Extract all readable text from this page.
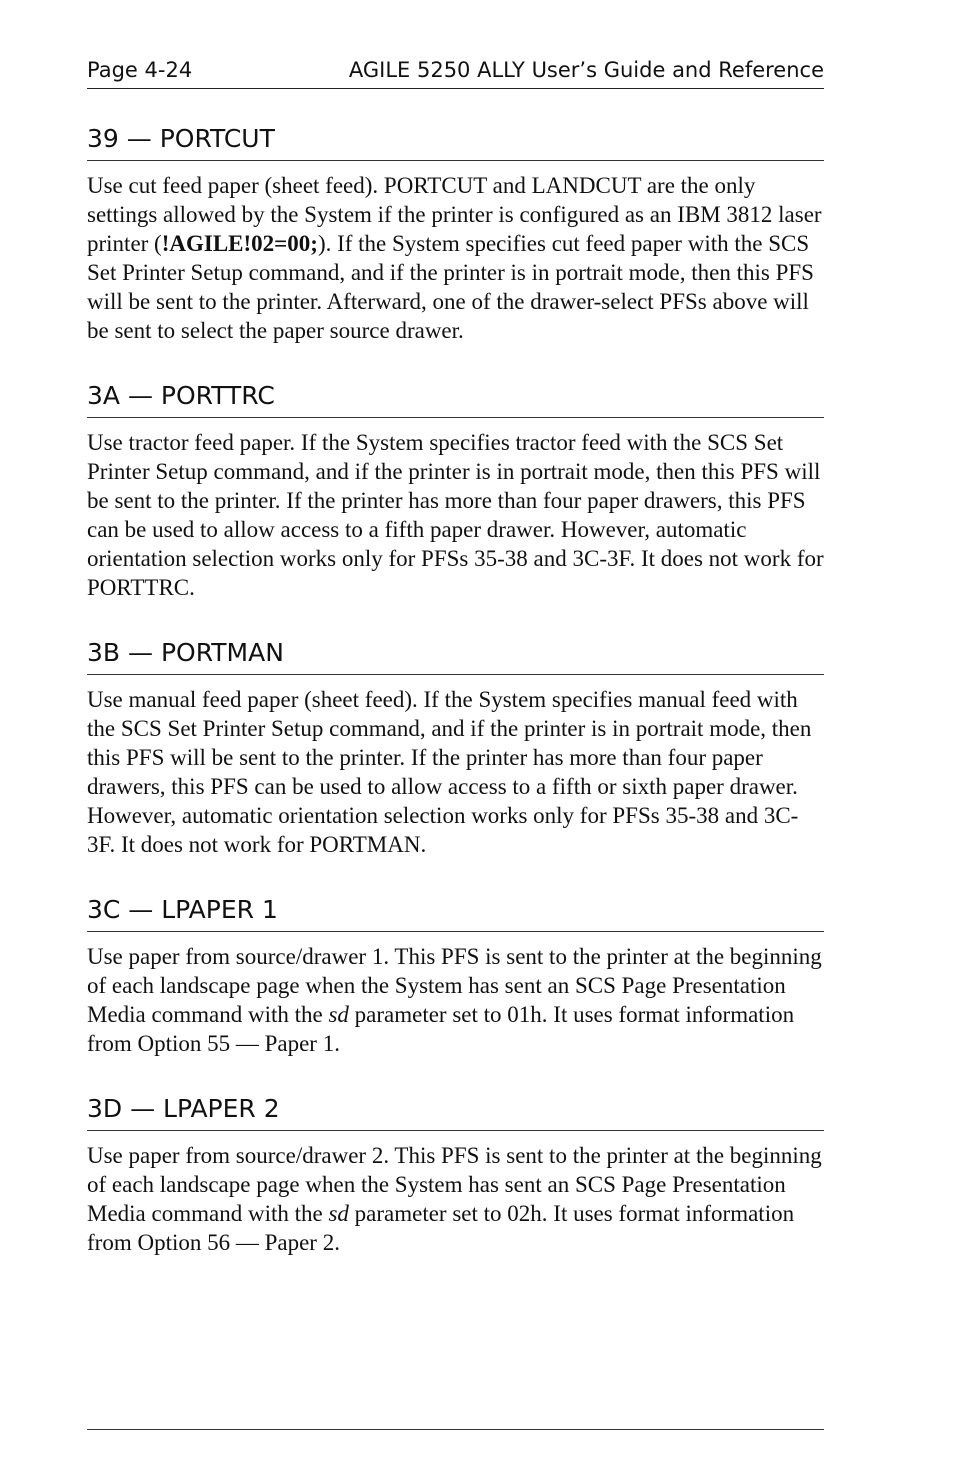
Page 4-24	AGILE 5250 ALLY User’s Guide and Reference
39 — PORTCUT

Use cut feed paper (sheet feed). PORTCUT and LANDCUT are the only settings allowed by the System if the printer is configured as an IBM 3812 laser printer (!AGILE!02=00;). If the System specifies cut feed paper with the SCS Set Printer Setup command, and if the printer is in portrait mode, then this PFS will be sent to the printer. Afterward, one of the drawer-select PFSs above will be sent to select the paper source drawer.

3A — PORTTRC

Use tractor feed paper. If the System specifies tractor feed with the SCS Set Printer Setup command, and if the printer is in portrait mode, then this PFS will be sent to the printer. If the printer has more than four paper drawers, this PFS can be used to allow access to a fifth paper drawer. However, automatic orientation selection works only for PFSs 35-38 and 3C-3F. It does not work for PORTTRC.

3B — PORTMAN

Use manual feed paper (sheet feed). If the System specifies manual feed with the SCS Set Printer Setup command, and if the printer is in portrait mode, then this PFS will be sent to the printer. If the printer has more than four paper drawers, this PFS can be used to allow access to a fifth or sixth paper drawer. However, automatic orientation selection works only for PFSs 35-38 and 3C-3F. It does not work for PORTMAN.

3C — LPAPER 1

Use paper from source/drawer 1. This PFS is sent to the printer at the beginning of each landscape page when the System has sent an SCS Page Presentation Media command with the sd parameter set to 01h. It uses format information from Option 55 — Paper 1.

3D — LPAPER 2

Use paper from source/drawer 2. This PFS is sent to the printer at the beginning of each landscape page when the System has sent an SCS Page Presentation Media command with the sd parameter set to 02h. It uses format information from Option 56 — Paper 2.
